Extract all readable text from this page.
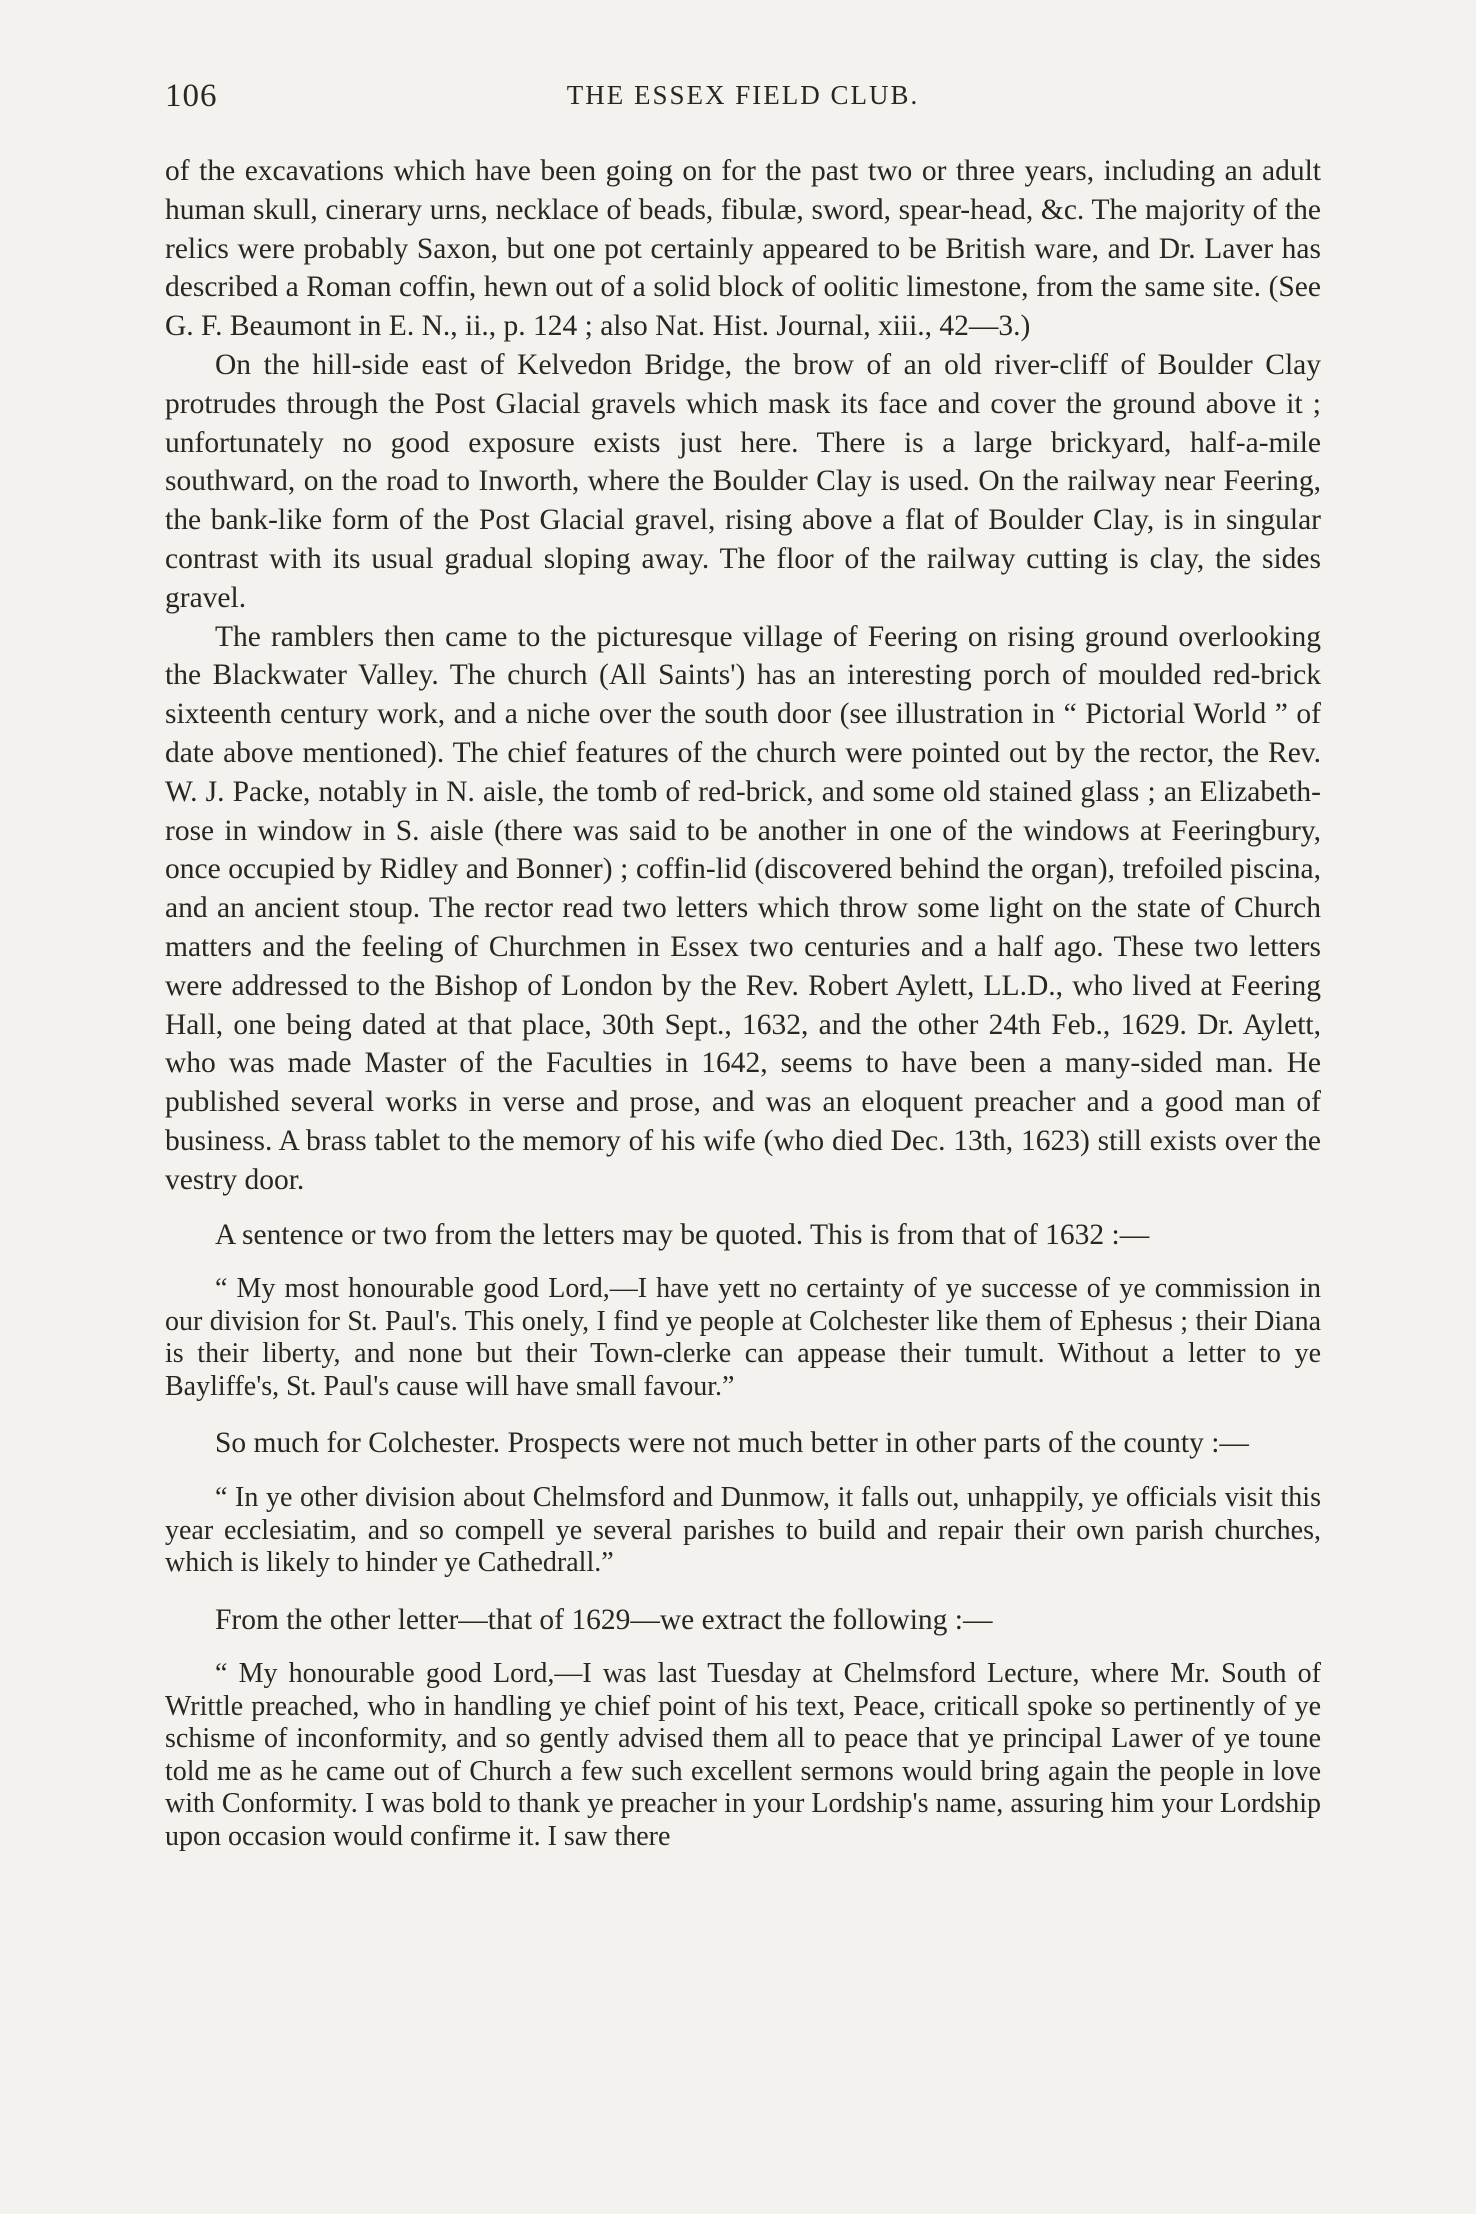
106	THE ESSEX FIELD CLUB.

of the excavations which have been going on for the past two or three years, including an adult human skull, cinerary urns, necklace of beads, fibulæ, sword, spear-head, &c. The majority of the relics were probably Saxon, but one pot certainly appeared to be British ware, and Dr. Laver has described a Roman coffin, hewn out of a solid block of oolitic limestone, from the same site. (See G. F. Beaumont in E. N., ii., p. 124 ; also Nat. Hist. Journal, xiii., 42—3.)

On the hill-side east of Kelvedon Bridge, the brow of an old river-cliff of Boulder Clay protrudes through the Post Glacial gravels which mask its face and cover the ground above it ; unfortunately no good exposure exists just here. There is a large brickyard, half-a-mile southward, on the road to Inworth, where the Boulder Clay is used. On the railway near Feering, the bank-like form of the Post Glacial gravel, rising above a flat of Boulder Clay, is in singular contrast with its usual gradual sloping away. The floor of the railway cutting is clay, the sides gravel.

The ramblers then came to the picturesque village of Feering on rising ground overlooking the Blackwater Valley. The church (All Saints') has an interesting porch of moulded red-brick sixteenth century work, and a niche over the south door (see illustration in “ Pictorial World ” of date above mentioned). The chief features of the church were pointed out by the rector, the Rev. W. J. Packe, notably in N. aisle, the tomb of red-brick, and some old stained glass ; an Elizabeth-rose in window in S. aisle (there was said to be another in one of the windows at Feeringbury, once occupied by Ridley and Bonner) ; coffin-lid (discovered behind the organ), trefoiled piscina, and an ancient stoup. The rector read two letters which throw some light on the state of Church matters and the feeling of Churchmen in Essex two centuries and a half ago. These two letters were addressed to the Bishop of London by the Rev. Robert Aylett, LL.D., who lived at Feering Hall, one being dated at that place, 30th Sept., 1632, and the other 24th Feb., 1629. Dr. Aylett, who was made Master of the Faculties in 1642, seems to have been a many-sided man. He published several works in verse and prose, and was an eloquent preacher and a good man of business. A brass tablet to the memory of his wife (who died Dec. 13th, 1623) still exists over the vestry door.

A sentence or two from the letters may be quoted. This is from that of 1632 :—

“ My most honourable good Lord,—I have yett no certainty of ye successe of ye commission in our division for St. Paul's. This onely, I find ye people at Colchester like them of Ephesus ; their Diana is their liberty, and none but their Town-clerke can appease their tumult. Without a letter to ye Bayliffe's, St. Paul's cause will have small favour.”

So much for Colchester. Prospects were not much better in other parts of the county :—

“ In ye other division about Chelmsford and Dunmow, it falls out, unhappily, ye officials visit this year ecclesiatim, and so compell ye several parishes to build and repair their own parish churches, which is likely to hinder ye Cathedrall.”

From the other letter—that of 1629—we extract the following :—

“ My honourable good Lord,—I was last Tuesday at Chelmsford Lecture, where Mr. South of Writtle preached, who in handling ye chief point of his text, Peace, criticall spoke so pertinently of ye schisme of inconformity, and so gently advised them all to peace that ye principal Lawer of ye toune told me as he came out of Church a few such excellent sermons would bring again the people in love with Conformity. I was bold to thank ye preacher in your Lordship's name, assuring him your Lordship upon occasion would confirme it. I saw there
